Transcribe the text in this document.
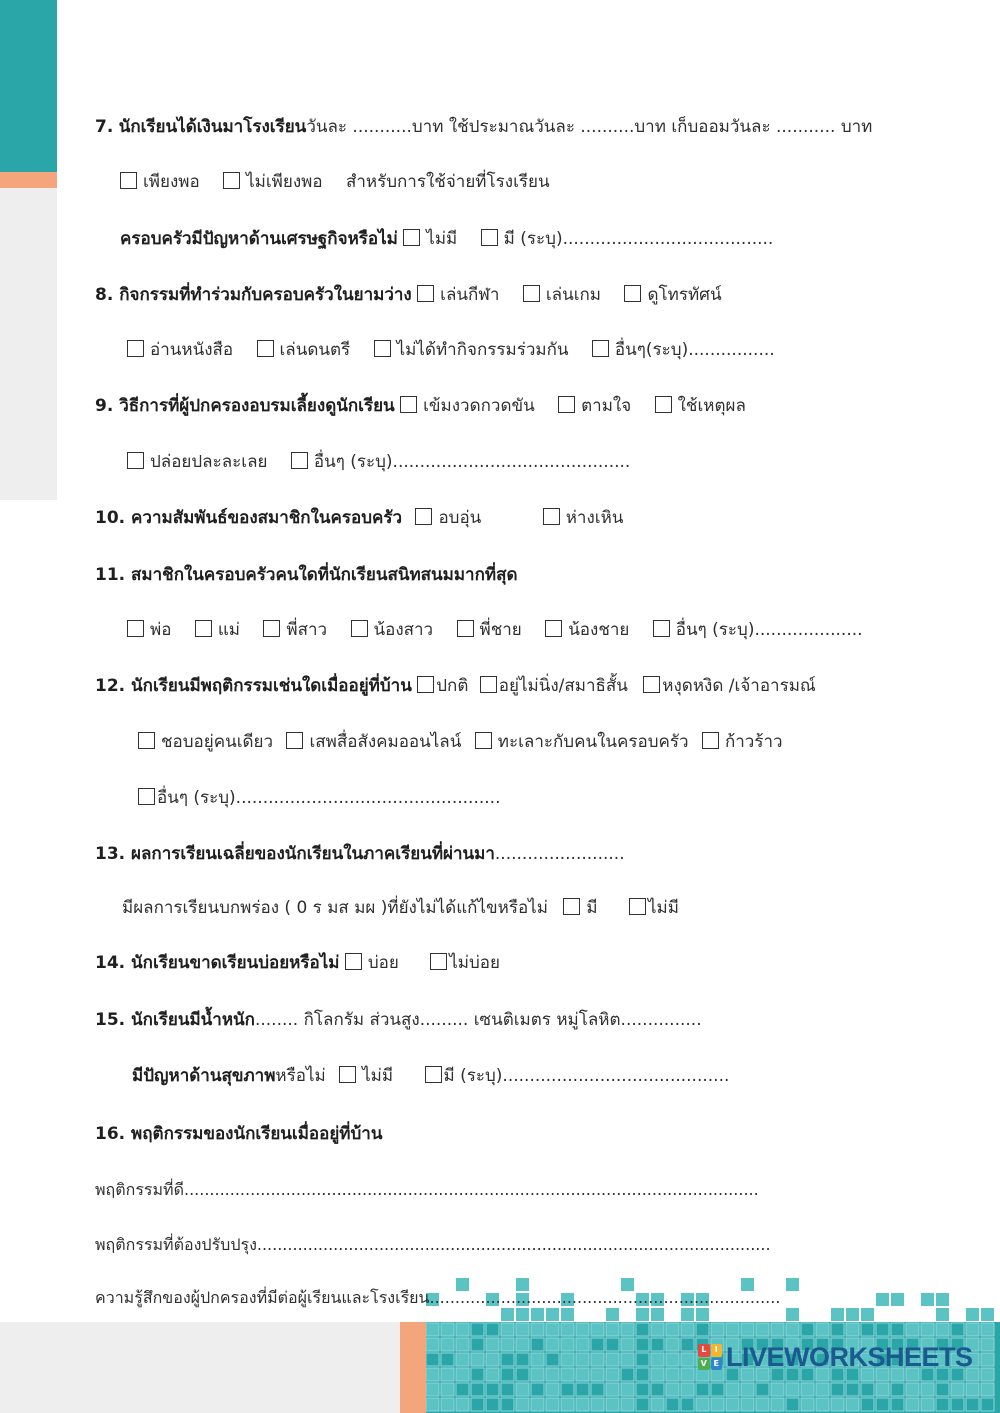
7. นักเรียนได้เงินมาโรงเรียนวันละ ...........บาท ใช้ประมาณวันละ ..........บาท เก็บออมวันละ ........... บาท
เพียงพอ	ไม่เพียงพอ สำหรับการใช้จ่ายที่โรงเรียน
ครอบครัวมีปัญหาด้านเศรษฐกิจหรือไม่ ไม่มี	มี (ระบุ).......................................
8. กิจกรรมที่ทำร่วมกับครอบครัวในยามว่าง เล่นกีฬา	เล่นเกม	ดูโทรทัศน์
อ่านหนังสือ	เล่นดนตรี	ไม่ได้ทำกิจกรรมร่วมกัน	อื่นๆ(ระบุ)................
9. วิธีการที่ผู้ปกครองอบรมเลี้ยงดูนักเรียน เข้มงวดกวดขัน	ตามใจ	ใช้เหตุผล
ปล่อยปละละเลย	อื่นๆ (ระบุ)............................................
10. ความสัมพันธ์ของสมาชิกในครอบครัว อบอุ่น	ห่างเหิน
11. สมาชิกในครอบครัวคนใดที่นักเรียนสนิทสนมมากที่สุด
พ่อ	แม่	พี่สาว	น้องสาว	พี่ชาย	น้องชาย	อื่นๆ (ระบุ)....................
12. นักเรียนมีพฤติกรรมเช่นใดเมื่ออยู่ที่บ้าน ปกติ อยู่ไม่นิ่ง/สมาธิสั้น หงุดหงิด /เจ้าอารมณ์
ชอบอยู่คนเดียว เสพสื่อสังคมออนไลน์ ทะเลาะกับคนในครอบครัว ก้าวร้าว
อื่นๆ (ระบุ).................................................
13. ผลการเรียนเฉลี่ยของนักเรียนในภาคเรียนที่ผ่านมา........................
มีผลการเรียนบกพร่อง ( 0 ร มส มผ )ที่ยังไม่ได้แก้ไขหรือไม่ มี	ไม่มี
14. นักเรียนขาดเรียนบ่อยหรือไม่ บ่อย	ไม่บ่อย
15. นักเรียนมีน้ำหนัก........ กิโลกรัม ส่วนสูง......... เซนติเมตร หมู่โลหิต...............
มีปัญหาด้านสุขภาพหรือไม่ ไม่มี	มี (ระบุ)..........................................
16. พฤติกรรมของนักเรียนเมื่ออยู่ที่บ้าน
พฤติกรรมที่ดี.................................................................................................................
พฤติกรรมที่ต้องปรับปรุง.....................................................................................................
ความรู้สึกของผู้ปกครองที่มีต่อผู้เรียนและโรงเรียน.....................................................................
L	I
V E LIVEWORKSHEETS
